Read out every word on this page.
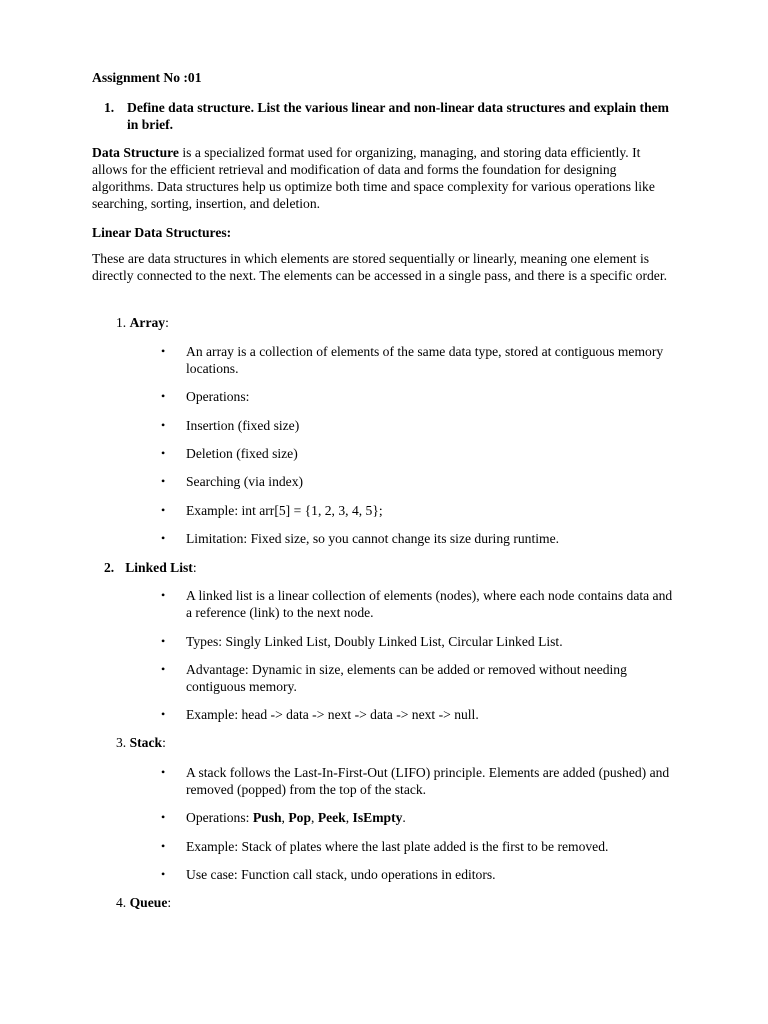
Assignment No :01

1. Define data structure. List the various linear and non-linear data structures and explain them in brief.

Data Structure is a specialized format used for organizing, managing, and storing data efficiently. It allows for the efficient retrieval and modification of data and forms the foundation for designing algorithms. Data structures help us optimize both time and space complexity for various operations like searching, sorting, insertion, and deletion.

Linear Data Structures:

These are data structures in which elements are stored sequentially or linearly, meaning one element is directly connected to the next. The elements can be accessed in a single pass, and there is a specific order.

1. Array:

• An array is a collection of elements of the same data type, stored at contiguous memory locations.
• Operations:
• Insertion (fixed size)
• Deletion (fixed size)
• Searching (via index)
• Example: int arr[5] = {1, 2, 3, 4, 5};
• Limitation: Fixed size, so you cannot change its size during runtime.
2. Linked List:
• A linked list is a linear collection of elements (nodes), where each node contains data and a reference (link) to the next node.
• Types: Singly Linked List, Doubly Linked List, Circular Linked List.
• Advantage: Dynamic in size, elements can be added or removed without needing contiguous memory.
• Example: head -> data -> next -> data -> next -> null.

3. Stack:

• A stack follows the Last-In-First-Out (LIFO) principle. Elements are added (pushed) and removed (popped) from the top of the stack.
• Operations: Push, Pop, Peek, IsEmpty.
• Example: Stack of plates where the last plate added is the first to be removed.
• Use case: Function call stack, undo operations in editors.

4. Queue:
